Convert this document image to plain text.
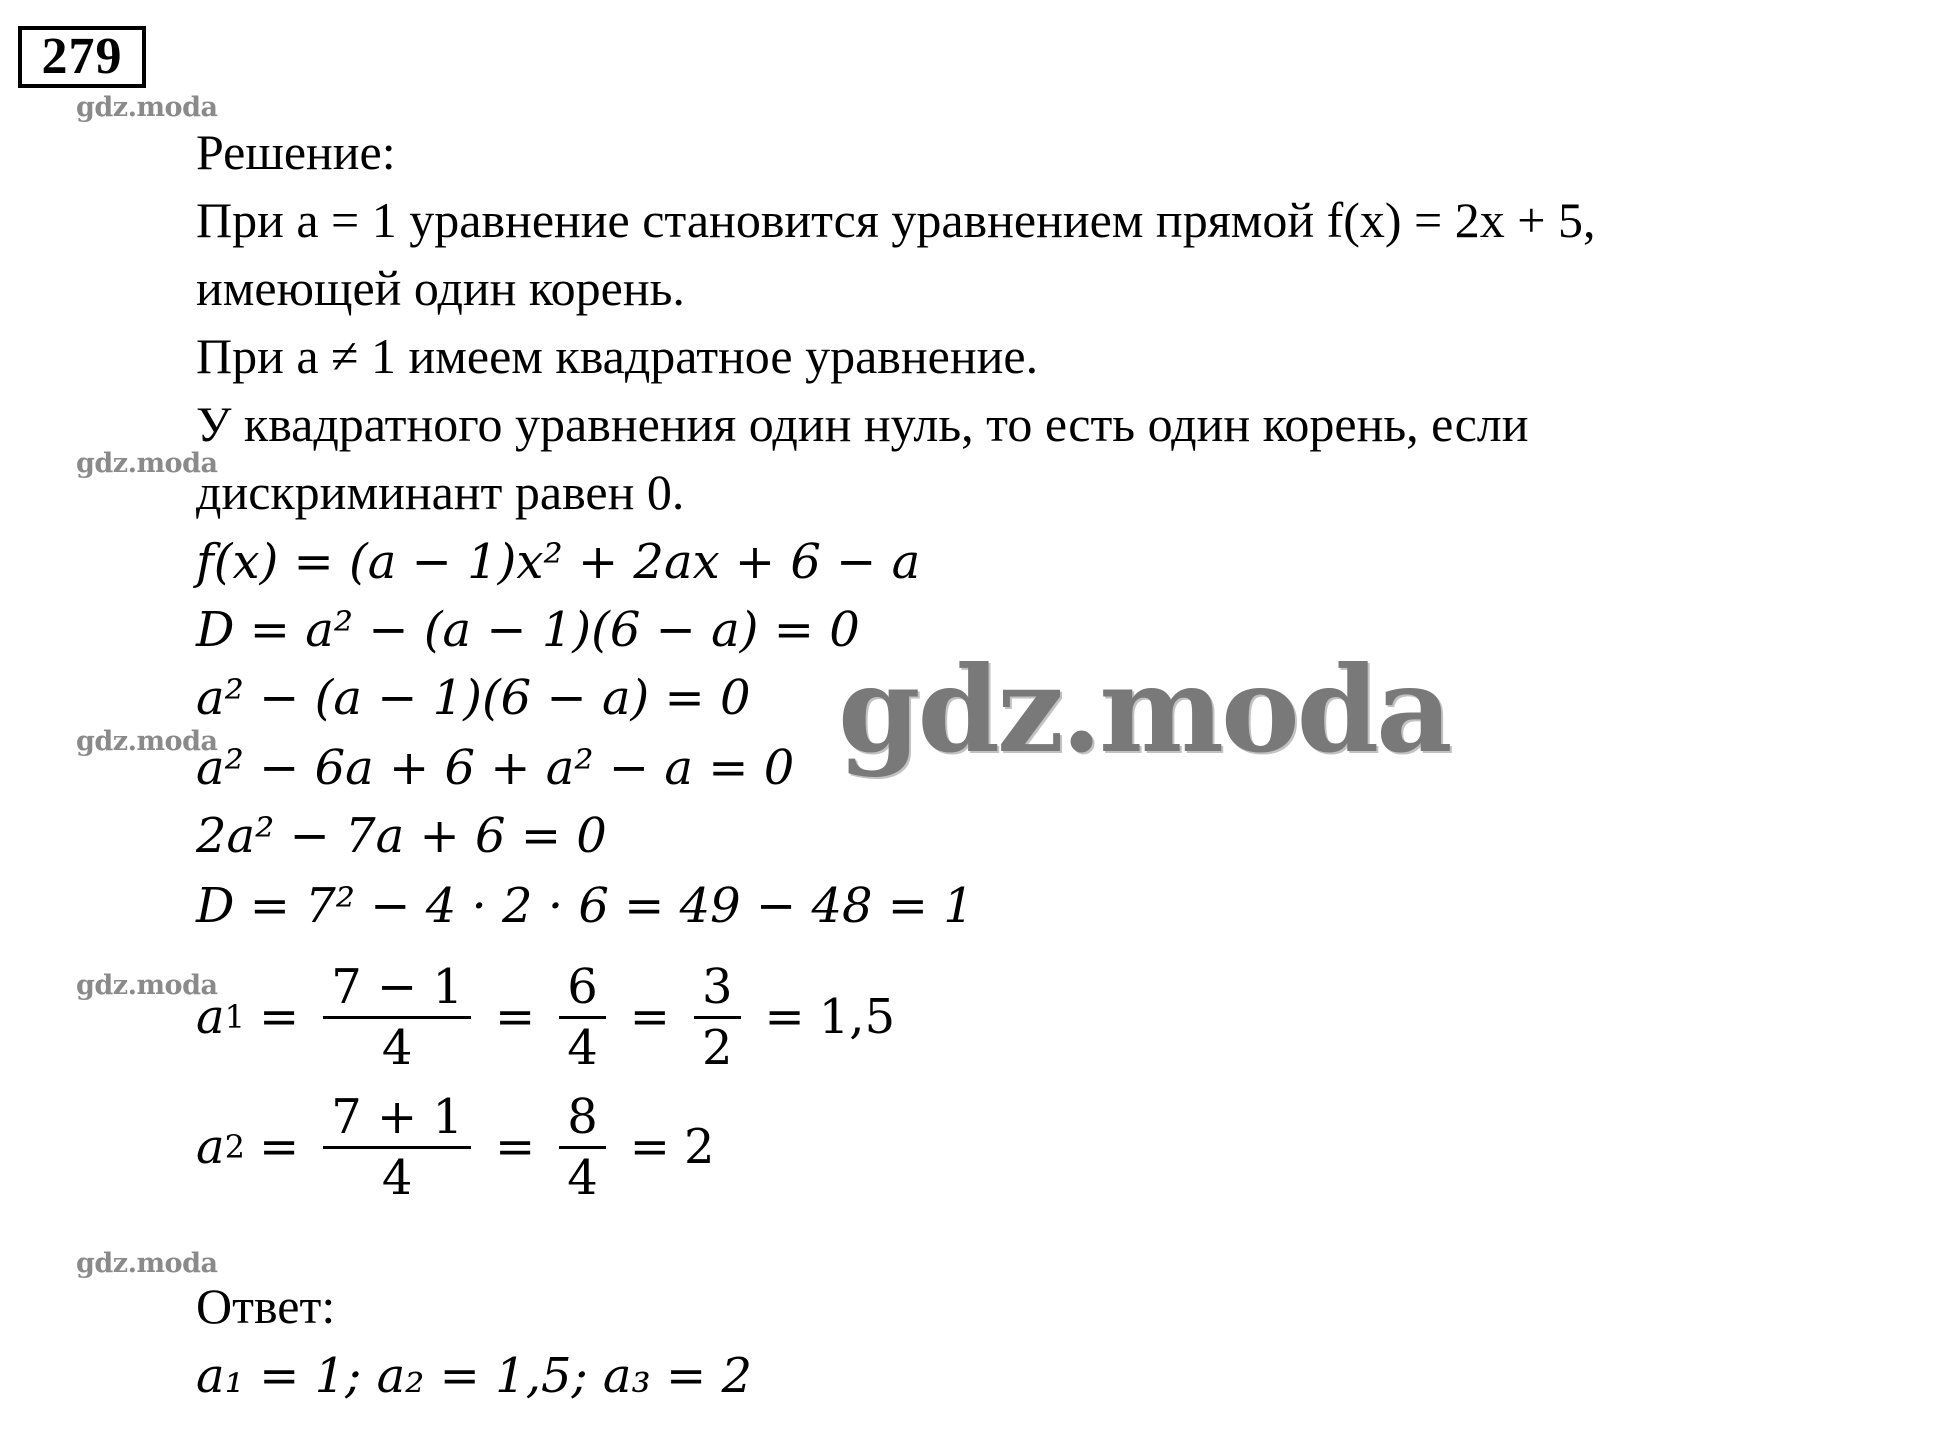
279
gdz.moda
gdz.moda
gdz.moda
gdz.moda
gdz.moda
Решение:
При a = 1 уравнение становится уравнением прямой f(x) = 2x + 5,
имеющей один корень.
При a ≠ 1 имеем квадратное уравнение.
У квадратного уравнения один нуль, то есть один корень, если
дискриминант равен 0.
f(x) = (a − 1)x² + 2ax + 6 − a
D = a² − (a − 1)(6 − a) = 0
a² − (a − 1)(6 − a) = 0
a² − 6a + 6 + a² − a = 0
2a² − 7a + 6 = 0
D = 7² − 4 · 2 · 6 = 49 − 48 = 1
a 1 =
7 − 1
4
=
6
4
=
3
2
= 1,5
a 2 =
7 + 1
4
=
8
4
= 2
Ответ:
a₁ = 1; a₂ = 1,5; a₃ = 2
gdz.moda
